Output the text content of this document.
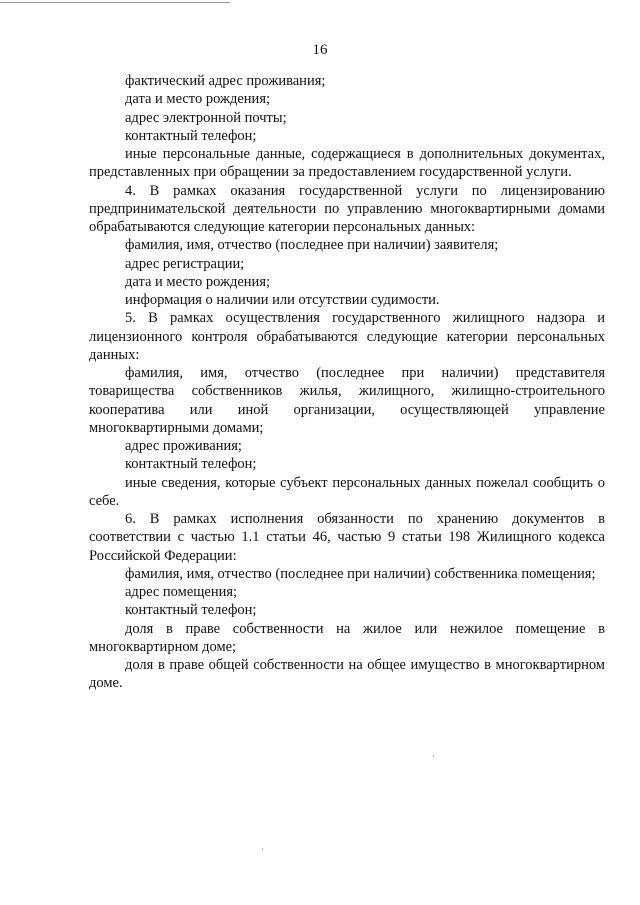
16

фактический адрес проживания;

дата и место рождения;

адрес электронной почты;

контактный телефон;

иные персональные данные, содержащиеся в дополнительных документах, представленных при обращении за предоставлением государственной услуги.

4. В рамках оказания государственной услуги по лицензированию предпринимательской деятельности по управлению многоквартирными домами обрабатываются следующие категории персональных данных:

фамилия, имя, отчество (последнее при наличии) заявителя;

адрес регистрации;

дата и место рождения;

информация о наличии или отсутствии судимости.

5. В рамках осуществления государственного жилищного надзора и лицензионного контроля обрабатываются следующие категории персональных данных:

фамилия, имя, отчество (последнее при наличии) представителя товарищества собственников жилья, жилищного, жилищно-строительного кооператива или иной организации, осуществляющей управление многоквартирными домами;

адрес проживания;

контактный телефон;

иные сведения, которые субъект персональных данных пожелал сообщить о себе.

6. В рамках исполнения обязанности по хранению документов в соответствии с частью 1.1 статьи 46, частью 9 статьи 198 Жилищного кодекса Российской Федерации:

фамилия, имя, отчество (последнее при наличии) собственника помещения;

адрес помещения;

контактный телефон;

доля в праве собственности на жилое или нежилое помещение в многоквартирном доме;

доля в праве общей собственности на общее имущество в многоквартирном доме.
